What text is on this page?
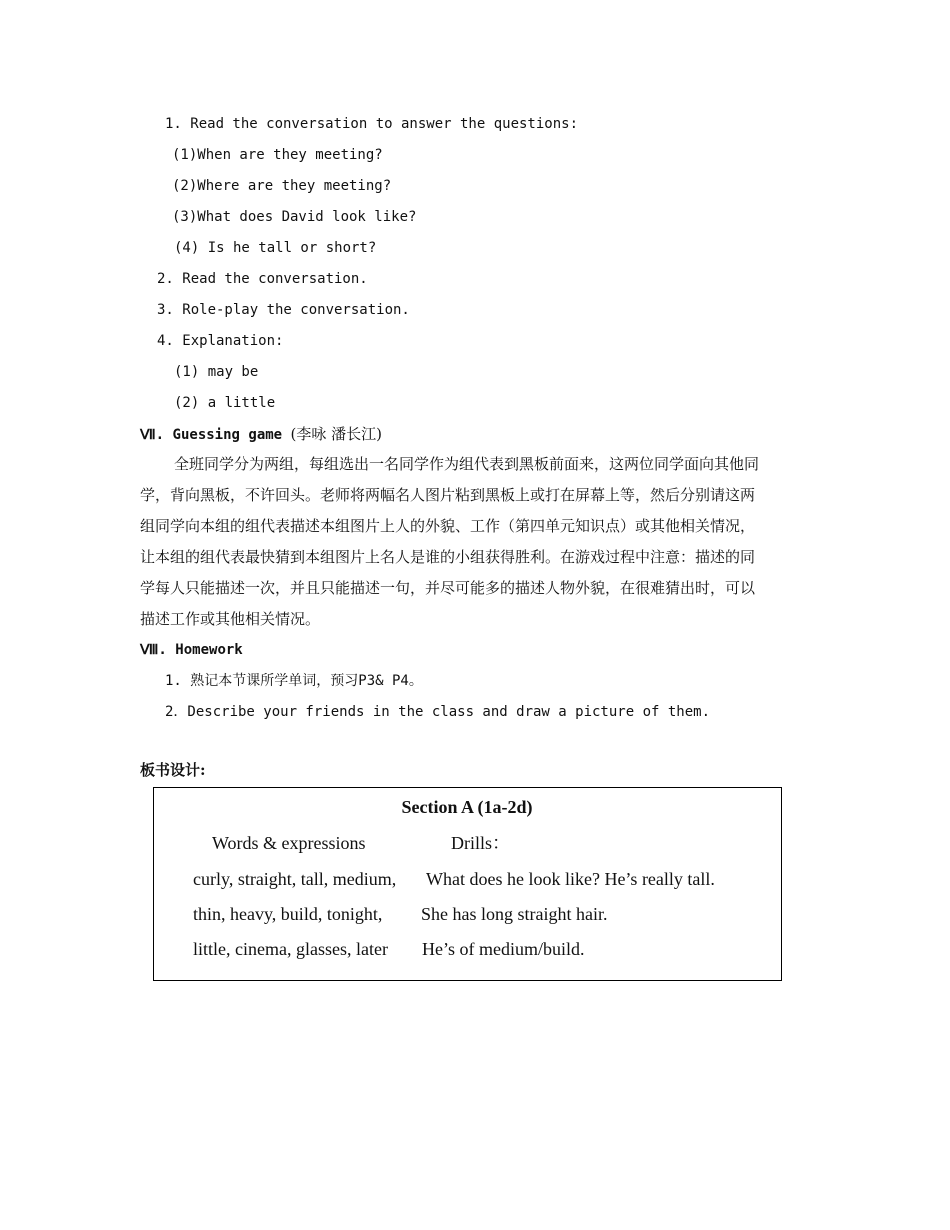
1. Read the conversation to answer the questions:
(1)When are they meeting?
(2)Where are they meeting?
(3)What does David look like?
(4) Is he tall or short?
2. Read the conversation.
3. Role-play the conversation.
4. Explanation:
(1) may be
(2) a little
Ⅶ. Guessing game (李咏 潘长江)
全班同学分为两组，每组选出一名同学作为组代表到黑板前面来，这两位同学面向其他同
学，背向黑板，不许回头。老师将两幅名人图片粘到黑板上或打在屏幕上等，然后分别请这两
组同学向本组的组代表描述本组图片上人的外貌、工作（第四单元知识点）或其他相关情况，
让本组的组代表最快猜到本组图片上名人是谁的小组获得胜利。在游戏过程中注意：描述的同
学每人只能描述一次，并且只能描述一句，并尽可能多的描述人物外貌，在很难猜出时，可以
描述工作或其他相关情况。
Ⅷ. Homework
1. 熟记本节课所学单词，预习P3& P4。
2．Describe your friends in the class and draw a picture of them.
板书设计:
Section A (1a-2d)
Words & expressions	Drills：
curly, straight, tall, medium, What does he look like? He’s really tall.
thin, heavy, build, tonight, She has long straight hair.
little, cinema, glasses, later He’s of medium/build.
